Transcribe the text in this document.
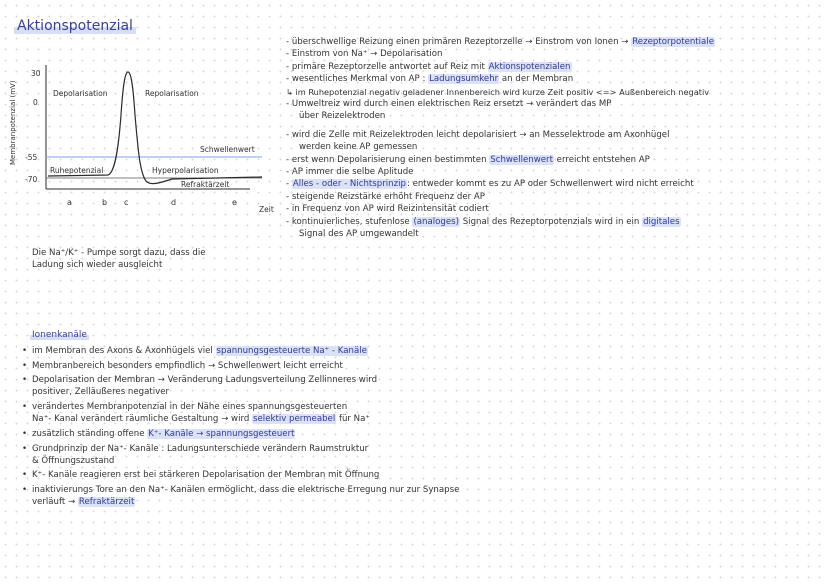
Aktionspotenzial
Membranpotenzial (mV)
30
0
-55
-70
Depolarisation	Repolarisation
Schwellenwert
Ruhepotenzial	Hyperpolarisation
Refraktärzeit
a	b c	d	e
Zeit
Die Na⁺/K⁺ - Pumpe sorgt dazu, dass die
Ladung sich wieder ausgleicht
- überschwellige Reizung einen primären Rezeptorzelle → Einstrom von Ionen → Rezeptorpotentiale
- Einstrom von Na⁺ → Depolarisation
- primäre Rezeptorzelle antwortet auf Reiz mit Aktionspotenzialen
- wesentliches Merkmal von AP : Ladungsumkehr an der Membran
↳ im Ruhepotenzial negativ geladener Innenbereich wird kurze Zeit positiv <=> Außenbereich negativ
- Umweltreiz wird durch einen elektrischen Reiz ersetzt → verändert das MP
über Reizelektroden
- wird die Zelle mit Reizelektroden leicht depolarisiert → an Messelektrode am Axonhügel
werden keine AP gemessen
- erst wenn Depolarisierung einen bestimmten Schwellenwert erreicht entstehen AP
- AP immer die selbe Aplitude
- Alles - oder - Nichtsprinzip: entweder kommt es zu AP oder Schwellenwert wird nicht erreicht
- steigende Reizstärke erhöht Frequenz der AP
- in Frequenz von AP wird Reizintensität codiert
- kontinuierliches, stufenlose (analoges) Signal des Rezeptorpotenzials wird in ein digitales
Signal des AP umgewandelt
Ionenkanäle
• im Membran des Axons & Axonhügels viel spannungsgesteuerte Na⁺ - Kanäle
• Membranbereich besonders empfindlich → Schwellenwert leicht erreicht
• Depolarisation der Membran → Veränderung Ladungsverteilung Zellinneres wird
positiver, Zelläußeres negativer
• verändertes Membranpotenzial in der Nähe eines spannungsgesteuerten
Na⁺- Kanal verändert räumliche Gestaltung → wird selektiv permeabel für Na⁺
• zusätzlich ständing offene K⁺- Kanäle → spannungsgesteuert
• Grundprinzip der Na⁺- Kanäle : Ladungsunterschiede verändern Raumstruktur
& Öffnungszustand
• K⁺- Kanäle reagieren erst bei stärkeren Depolarisation der Membran mit Öffnung
• inaktivierungs Tore an den Na⁺- Kanälen ermöglicht, dass die elektrische Erregung nur zur Synapse
verläuft → Refraktärzeit
